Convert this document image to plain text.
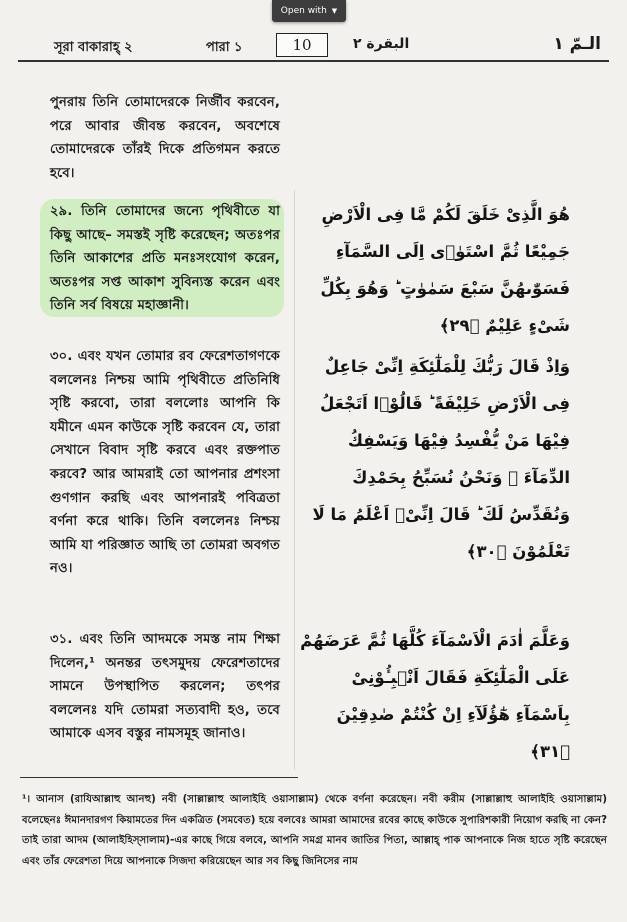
Open with ▼
সূরা বাকারাহ্ ২	পারা ১	10	البقرة ٢	الـمّ ١
পুনরায় তিনি তোমাদেরকে নির্জীব করবেন, পরে আবার জীবন্ত করবেন, অবশেষে তোমাদেরকে তাঁরই দিকে প্রতিগমন করতে হবে।
২৯. তিনি তোমাদের জন্যে পৃথিবীতে যা কিছু আছে– সমস্তই সৃষ্টি করেছেন; অতঃপর তিনি আকাশের প্রতি মনঃসংযোগ করেন, অতঃপর সপ্ত আকাশ সুবিন্যস্ত করেন এবং তিনি সর্ব বিষয়ে মহাজ্ঞানী।
৩০. এবং যখন তোমার রব ফেরেশতাগণকে বললেনঃ নিশ্চয় আমি পৃথিবীতে প্রতিনিধি সৃষ্টি করবো, তারা বললোঃ আপনি কি যমীনে এমন কাউকে সৃষ্টি করবেন যে, তারা সেখানে বিবাদ সৃষ্টি করবে এবং রক্তপাত করবে? আর আমরাই তো আপনার প্রশংসা গুণগান করছি এবং আপনারই পবিত্রতা বর্ণনা করে থাকি। তিনি বললেনঃ নিশ্চয় আমি যা পরিজ্ঞাত আছি তা তোমরা অবগত নও।
৩১. এবং তিনি আদমকে সমস্ত নাম শিক্ষা দিলেন,¹ অনন্তর তৎসমুদয় ফেরেশতাদের সামনে উপস্থাপিত করলেন; তৎপর বললেনঃ যদি তোমরা সত্যবাদী হও, তবে আমাকে এসব বস্তুর নামসমূহ জানাও।
هُوَ الَّذِىْ خَلَقَ لَكُمْ مَّا فِى الْاَرْضِ جَمِيْعًا ثُمَّ اسْتَوٰۤى اِلَى السَّمَآءِ فَسَوّٰىهُنَّ سَبْعَ سَمٰوٰتٍ ؕ وَهُوَ بِكُلِّ شَىْءٍ عَلِيْمٌ ﴿٢٩﴾
وَاِذْ قَالَ رَبُّكَ لِلْمَلٰٓئِكَةِ اِنِّىْ جَاعِلٌ فِى الْاَرْضِ خَلِيْفَةً ؕ قَالُوْۤا اَتَجْعَلُ فِيْهَا مَنْ يُّفْسِدُ فِيْهَا وَيَسْفِكُ الدِّمَآءَ ۚ وَنَحْنُ نُسَبِّحُ بِحَمْدِكَ وَنُقَدِّسُ لَكَ ؕ قَالَ اِنِّىْۤ اَعْلَمُ مَا لَا تَعْلَمُوْنَ ﴿٣٠﴾
وَعَلَّمَ اٰدَمَ الْاَسْمَآءَ كُلَّهَا ثُمَّ عَرَضَهُمْ عَلَى الْمَلٰٓئِكَةِ فَقَالَ اَنْۢبِـُٔوْنِىْ بِاَسْمَآءِ هٰٓؤُلَآءِ اِنْ كُنْتُمْ صٰدِقِيْنَ ﴿٣١﴾
¹। আনাস (রাযিআল্লাহু আনহু) নবী (সাল্লাল্লাহু আলাইহি ওয়াসাল্লাম) থেকে বর্ণনা করেছেন। নবী করীম (সাল্লাল্লাহু আলাইহি ওয়াসাল্লাম) বলেছেনঃ ঈমানদারগণ কিয়ামতের দিন একত্রিত (সমবেত) হয়ে বলবেঃ আমরা আমাদের রবের কাছে কাউকে সুপারিশকারী নিয়োগ করছি না কেন? তাই তারা আদম (আলাইহিস্সালাম)-এর কাছে গিয়ে বলবে, আপনি সমগ্র মানব জাতির পিতা, আল্লাহ্ পাক আপনাকে নিজ হাতে সৃষ্টি করেছেন এবং তাঁর ফেরেশতা দিয়ে আপনাকে সিজদা করিয়েছেন আর সব কিছু জিনিসের নাম
